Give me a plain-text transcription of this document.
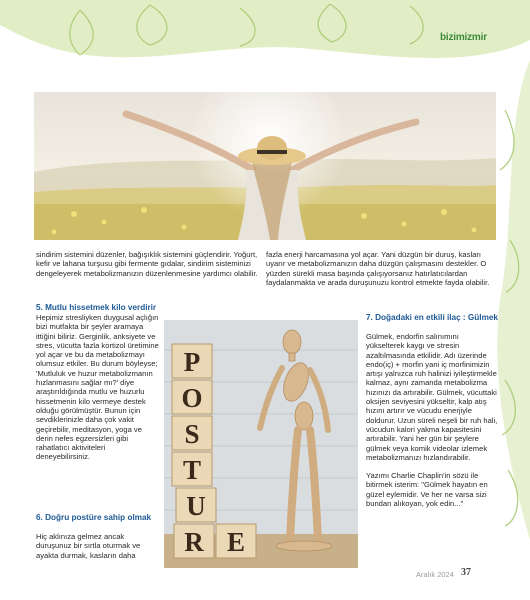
bizimizmir

sindirim sistemini düzenler, bağışıklık sistemini güçlendirir. Yoğurt, kefir ve lahana turşusu gibi fermente gıdalar, sindirim sisteminizi dengeleyerek metabolizmanızın düzenlenmesine yardımcı olabilir.

fazla enerji harcamasına yol açar. Yani düzgün bir duruş, kasları uyarır ve metabolizmanızın daha düzgün çalışmasını destekler. O yüzden sürekli masa başında çalışıyorsanız hatırlatıcılardan faydalanmakta ve arada duruşunuzu kontrol etmekte fayda olabilir.

5. Mutlu hissetmek kilo verdirir

Hepimiz stresliyken duygusal açlığın bizi mutfakta bir şeyler aramaya ittiğini biliriz. Gerginlik, anksiyete ve stres, vücutta fazla kortizol üretimine yol açar ve bu da metabolizmayı olumsuz etkiler. Bu durum böyleyse; 'Mutluluk ve huzur metabolizmanın hızlanmasını sağlar mı?' diye araştırıldığında mutlu ve huzurlu hissetmenin kilo vermeye destek olduğu görülmüştür. Bunun için sevdiklerinizle daha çok vakit geçirebilir, meditasyon, yoga ve derin nefes egzersizleri gibi rahatlatıcı aktiviteleri deneyebilirsiniz.

6. Doğru postüre sahip olmak

Hiç aklınıza gelmez ancak duruşunuz bir sırtla oturmak ve ayakta durmak, kasların daha

P
O
S
T
U
R E

7. Doğadaki en etkili ilaç : Gülmek

Gülmek, endorfin salınımını yükselterek kaygı ve stresin azaltılmasında etkilidir. Adı üzerinde endo(iç) + morfin yani iç morfinimizin artışı yalnızca ruh halinizi iyileştirmekle kalmaz, aynı zamanda metabolizma hızınızı da artırabilir. Gülmek, vücuttaki oksijen seviyesini yükseltir, kalp atış hızını artırır ve vücudu enerjiyle doldurur. Uzun süreli neşeli bir ruh hali, vücudun kalori yakma kapasitesini artırabilir. Yani her gün bir şeylere gülmek veya komik videolar izlemek metabolizmanızı hızlandırabilir.

Yazımı Charlie Chaplin'in sözü ile bitirmek isterim: "Gülmek hayatın en güzel eylemidir. Ve her ne varsa sizi bundan alıkoyan, yok edin..."

Aralık 2024 37
